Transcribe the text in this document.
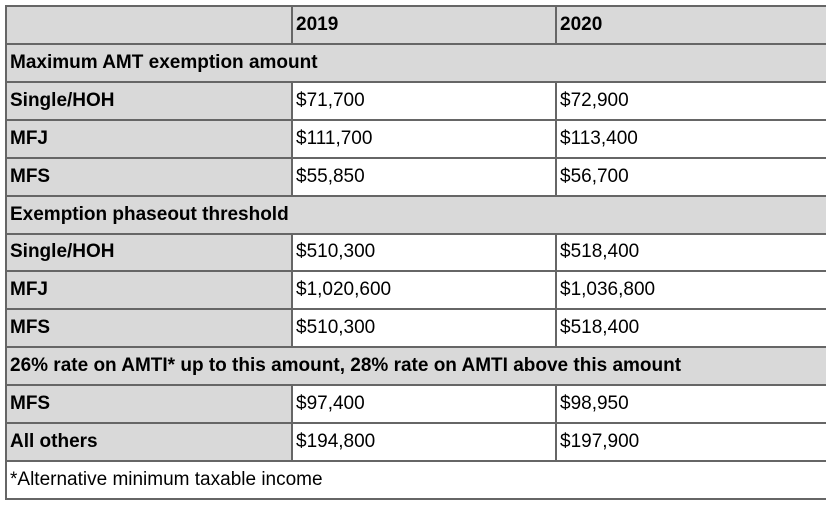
	2019	2020
Maximum AMT exemption amount		
Single/HOH	$71,700	$72,900
MFJ	$111,700	$113,400
MFS	$55,850	$56,700
Exemption phaseout threshold		
Single/HOH	$510,300	$518,400
MFJ	$1,020,600	$1,036,800
MFS	$510,300	$518,400
26% rate on AMTI* up to this amount, 28% rate on AMTI above this amount		
MFS	$97,400	$98,950
All others	$194,800	$197,900
*Alternative minimum taxable income		
